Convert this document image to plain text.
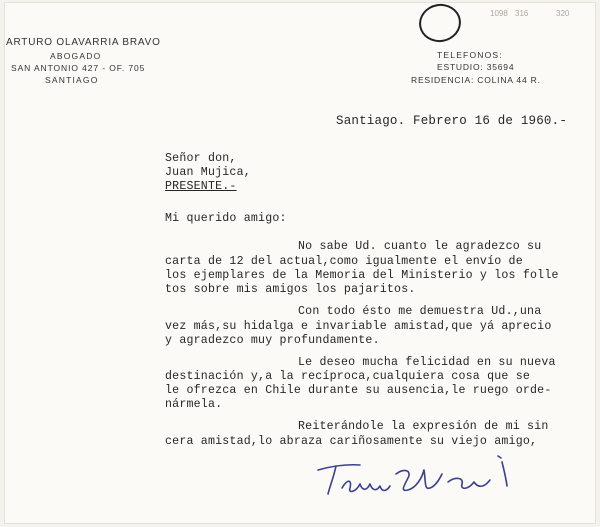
ARTURO OLAVARRIA BRAVO
ABOGADO
SAN ANTONIO 427 - OF. 705
SANTIAGO
TELEFONOS:
ESTUDIO: 35694
RESIDENCIA: COLINA 44 R.
1098 316	320
Santiago. Febrero 16 de 1960.-
Señor don,
Juan Mujica,
PRESENTE.-
Mi querido amigo:
No sabe Ud. cuanto le agradezco su
carta de 12 del actual,como igualmente el envío de
los ejemplares de la Memoria del Ministerio y los folle
tos sobre mis amigos los pajaritos.
Con todo ésto me demuestra Ud.,una
vez más,su hidalga e invariable amistad,que yá aprecio
y agradezco muy profundamente.
Le deseo mucha felicidad en su nueva
destinación y,a la recíproca,cualquiera cosa que se
le ofrezca en Chile durante su ausencia,le ruego orde-
nármela.
Reiterándole la expresión de mi sin
cera amistad,lo abraza cariñosamente su viejo amigo,
